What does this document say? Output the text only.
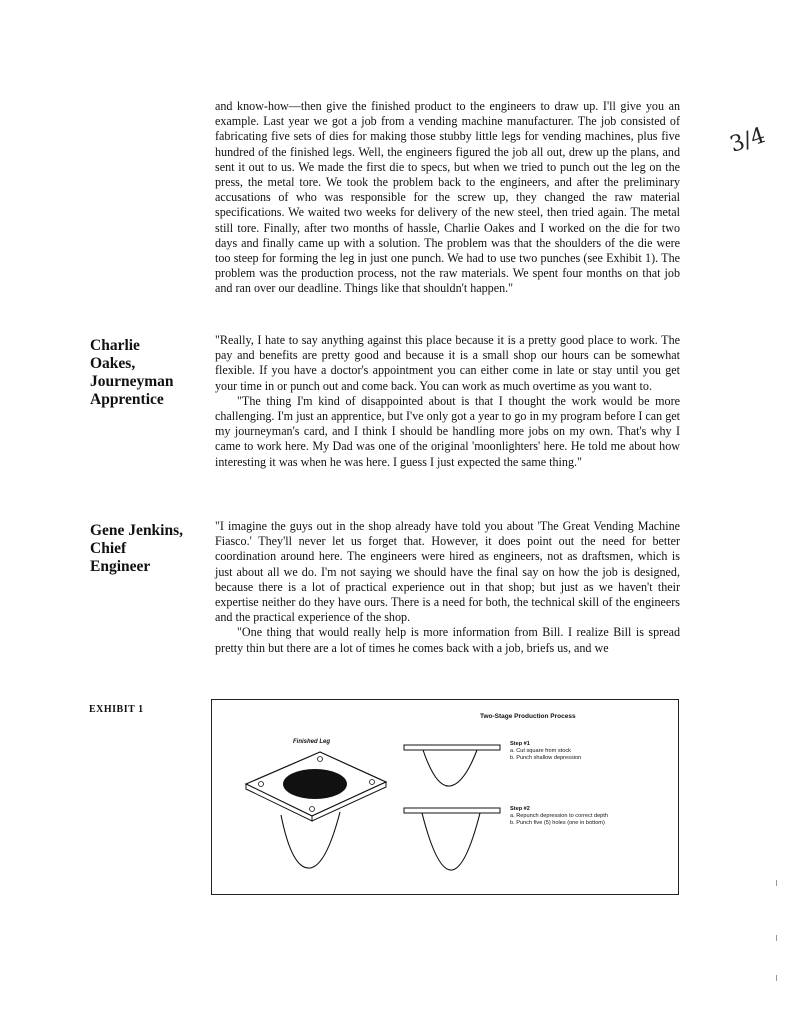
3/4

and know-how—then give the finished product to the engineers to draw up. I'll give you an example. Last year we got a job from a vending machine manufacturer. The job consisted of fabricating five sets of dies for making those stubby little legs for vending machines, plus five hundred of the finished legs. Well, the engineers figured the job all out, drew up the plans, and sent it out to us. We made the first die to specs, but when we tried to punch out the leg on the press, the metal tore. We took the problem back to the engineers, and after the preliminary accusations of who was responsible for the screw up, they changed the raw material specifications. We waited two weeks for delivery of the new steel, then tried again. The metal still tore. Finally, after two months of hassle, Charlie Oakes and I worked on the die for two days and finally came up with a solution. The problem was that the shoulders of the die were too steep for forming the leg in just one punch. We had to use two punches (see Exhibit 1). The problem was the production process, not the raw materials. We spent four months on that job and ran over our deadline. Things like that shouldn't happen."

Charlie
Oakes,
Journeyman
Apprentice

"Really, I hate to say anything against this place because it is a pretty good place to work. The pay and benefits are pretty good and because it is a small shop our hours can be somewhat flexible. If you have a doctor's appointment you can either come in late or stay until you get your time in or punch out and come back. You can work as much overtime as you want to.

"The thing I'm kind of disappointed about is that I thought the work would be more challenging. I'm just an apprentice, but I've only got a year to go in my program before I can get my journeyman's card, and I think I should be handling more jobs on my own. That's why I came to work here. My Dad was one of the original 'moonlighters' here. He told me about how interesting it was when he was here. I guess I just expected the same thing."

Gene Jenkins,
Chief
Engineer

"I imagine the guys out in the shop already have told you about 'The Great Vending Machine Fiasco.' They'll never let us forget that. However, it does point out the need for better coordination around here. The engineers were hired as engineers, not as draftsmen, which is just about all we do. I'm not saying we should have the final say on how the job is designed, because there is a lot of practical experience out in that shop; but just as we haven't their expertise neither do they have ours. There is a need for both, the technical skill of the engineers and the practical experience of the shop.

"One thing that would really help is more information from Bill. I realize Bill is spread pretty thin but there are a lot of times he comes back with a job, briefs us, and we

EXHIBIT 1
Two-Stage Production Process
Finished Leg	Step #1
a. Cut square from stock
b. Punch shallow depression
Step #2
a. Repunch depression to correct depth
b. Punch five (5) holes (one in bottom)
